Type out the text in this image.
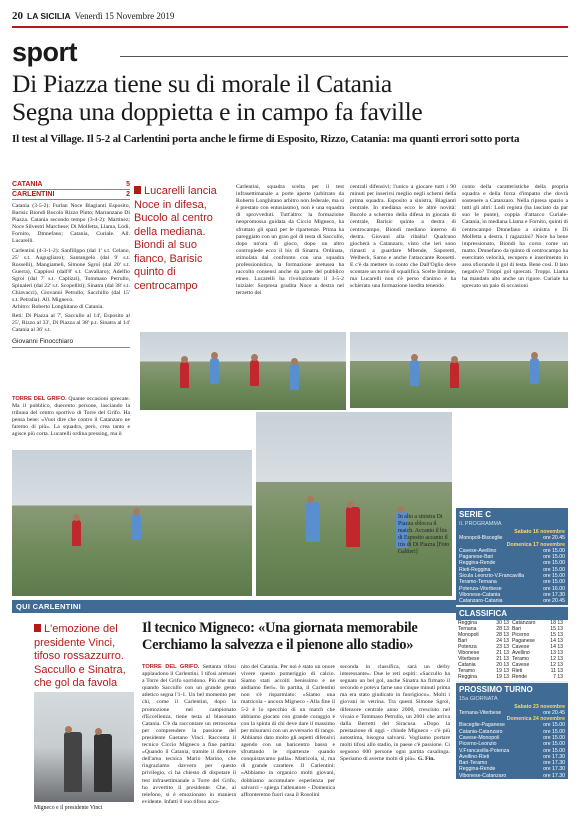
20 LA SICILIA Venerdì 15 Novembre 2019
sport
Di Piazza tiene su di morale il Catania
Segna una doppietta e in campo fa faville
Il test al Village. Il 5-2 al Carlentini porta anche le firme di Esposito, Rizzo, Catania: ma quanti errori sotto porta
CATANIA	5
CARLENTINI	2

Catania (3-5-2): Furlan Noce Biagianti Esposito, Barisic Biondi Bucolo Rizzo Pinto; Marranzano Di Piazza. Catania secondo tempo (3-4-2): Martinez; Noce Silvestri Marchese; Di Molfetta, Llama, Lodi, Fornito, Dmnefano; Catania, Curiale. All. Lucarelli.

Carlentini (4-3-1-2): Sanfilippo (dal 1' s.t. Celano, 25' s.t. Augugliaro); Santangelo (dal 9' s.t. Rosselli), Mangiameli, Simone Sgroi (dal 20' s.t. Guerra), Cappiosi (dall'8' s.t. Cavallaro); Adelfio Sgroi (dal 7' s.t. Caplizzi), Tommaso Petrullo, Spinaleri (dal 22' s.t. Scopelliti); Sinatra (dal 38' s.t. Chiavacci), Giovanni Petrullo, Sacchillo (dal 15' s.t. Petralia). All. Migneco.

Arbitro: Roberto Longhitano di Catania.

Reti: Di Piazza al 7', Saccullo al 14', Esposito al 25', Rizzo al 33', Di Piazza al 38' p.t. Sinatra al 14' Catania al 36' s.t.

Giovanni Finocchiaro
Lucarelli lancia Noce in difesa, Bucolo al centro della mediana. Biondi al suo fianco, Barisic quinto di centrocampo
Carlentini, squadra scelta per il test infrasettimanale a porte aperte (arbitrato da Roberto Longhitano arbitro non federale, ma si è prestato con entusiasmo), non è una squadra di sprovveduti. Tutt'altro: la formazione neopromossa guidata da Ciccio Migneco, ha sfruttato gli spazi per le ripartenze. Prima ha pareggiato con un gran gol di testa di Saccullo, dopo un'ora di gioco, dopo un altro contropiede ecco il bis di Sinatra. Ordinata, stimolata dal confronto con una squadra professionistica, la formazione aretusea ha raccolto consensi anche da parte del pubblico etneo. Lucarelli ha rivoluzionato il 3-5-2 iniziale: Sorpresa gradita Noce a destra nel terzetto dei
centrali difensivi; l'unico a giocare tutti i 90 minuti per inserirsi meglio negli schemi della prima squadra. Esposito a sinistra, Biagianti centrale. In mediana ecco le altre novità: Bucolo a schermo della difesa in giocata di centrale, Barisic quinto a destra di centrocampo, Biondi mediano interno di destra. Giovani alla ribalta! Qualcuno giocherà a Catanzaro, visto che ieri sono rimasti a guardare Mbende, Saporetti, Welbeck, Sarno e anche l'attaccante Rossetti. E c'è da mettere in conto che Dall'Oglio deve scontare un turno di squalifica. Scelte limitate, ma Lucarelli non s'è perso d'animo e ha schierato una formazione inedita tenendo
conto della caratteristiche della propria squadra e della forza d'impatto che dovrà sostenere a Catanzaro. Nella ripresa spazio a tutti gli altri: Lodi regista (ha lasciato da par suo le punte), coppia d'attacco Curiale-Catania, in mediana Llama e Fornito, quinti di centrocampo Dmnefano a sinistra e Di Molfetta a destra. I ragazzini? Noce ha bene impressionato, Biondi ha corso come un matto. Dmnefano da quinto di centrocampo ha esercitato velocità, recupero e inserimento in area sfiorando il gol di testa. Bene così. Il lato negativo? Troppi gol sprecati. Troppi. Llama ha mandato alto anche un rigore. Curiale ha sprecato un paio di occasioni
TORRE DEL GRIFO. Quante occasioni sprecate. Ma il pubblico, duecento persone, lasciando la tribuna del centro sportivo di Torre del Grifo. Ha pensa bene: «Vuoi dire che contro il Catanzaro ne faremo di più». La squadra, però, crea tanto e agisce più corta. Lucarelli ordina pressing, ma il
In alto a sinistra Di Piazza sblocca il match. Accanto il bis di Esposito accanto il tris di Di Piazza [Foto Galtieri]
QUI CARLENTINI
L'emozione del presidente Vinci, tifoso rossazzurro. Saccullo e Sinatra, che gol da favola
Migneco e il presidente Vinci
Il tecnico Migneco: «Una giornata memorabile
Cerchiamo la salvezza e il pienone allo stadio»
TORRE DEL GRIFO. Settanta tifosi applaudono il Carlentini. I tifosi aretusei a Torre del Grifo sorridono. Più che mai quando Saccullo con un grande gesto atletico segna l'1-1. Un bel momento per chi, come il Carlentini, dopo la promozione nel campionato d'Eccellenza, tiene testa al blasonato Catania. C'è da raccontare un retroscena per comprendere la passione del presidente Gaetano Vinci. Racconta il tecnico Ciccio Migneco a fine partita: «Quando il Catania, tramite il direttore dell'area tecnica Mario Marino, che ringraziamo davvero per questo privilegio, ci ha chiesto di disputare il test infrasettimanale a Torre del Grifo, ho avvertito il presidente. Che, al telefono, si è emozionato in maniera evidente. Infatti il suo tifoso acca-
nito del Catania. Per noi è stato un onore vivere questo pomeriggio di calcio. Siamo stati accolti benissimo e ne andiamo fieri». In partita, il Carlentini non s'è risparmiato: «Siamo una matricola - ancora Migneco - Alla fine il 5-2 è lo specchio di un match che abbiamo giocato con grande coraggio e con la spinta di chi deve dare il massimo per misurarsi con un avversario di rango. Abbiamo dato molto gli aspetti difensivi agendo con un baricentro basso e sfruttando le ripartenze quando conquistavamo palla». Matricola, sì, ma di grande carattere. Il Carlentini: «Abbiamo in organico molti giovani, dobbiamo accumulare esperienza per salvarci - spiega l'allenatore - Domenica affronteremo fuori casa il Rosolini
seconda in classifica, sarà un derby interessante». Due le reti ospiti: «Saccullo ha segnato un bel gol, anche Sinatra ha firmato il secondo e poteva farne uno cinque minuti prima ma era stato giudicato in fuorigioco». Molti i giovani in vetrina. Tra questi Simone Sgroi, difensore centrale anno 2000, cresciuto nel vivaio e Tommaso Petrullo, un 2001 che arriva dalla Berretti del Siracusa. «Dopo la prestazione di oggi - chiude Migneco - c'è più autostima, bisogna salvarsi. Vogliamo portare molti tifosi allo stadio, in paese c'è passione. Ci seguono 600 persone ogni partita casalinga. Speriamo di averne molti di più». G. Fin.
SERIE C
IL PROGRAMMA
Sabato 16 novembre
Monopoli-Bisceglie	ore 20.45
Domenica 17 novembre
Cavese-Avellino	ore 15.00
Paganese-Bari	ore 15.00
Reggina-Rende	ore 15.00
Rieti-Reggina	ore 15.00
Sicula Leonzio-V.Francavilla	ore 15.00
Teramo-Ternana	ore 15.00
Potenza-Viterbese	ore 16.00
Vibonese-Catania	ore 17.30
Catanzaro-Catania	ore 20.45
CLASSIFICA
Reggina	30 13 Catanzaro	18 13
Ternana	28 13 Bari	15 13
Monopoli	28 13 Picerno	15 13
Bari	24 13 Paganese	14 13
Potenza	23 13 Cavese	14 13
Vibonese	21 13 Avellino	13 13
Viterbese	21 13 Teramo	12 13
Catania	20 13 Cavese	12 13
Teramo	19 13 Rieti	11 13
Reggina	19 13 Rende	7 13
PROSSIMO TURNO
15a GIORNATA
Sabato 23 novembre
Ternana-Viterbese	ore 20.45
Domenica 24 novembre
Bisceglie-Paganese	ore 15.00
Catania-Catanzaro	ore 15.00
Cavese-Monopoli	ore 15.00
Picerno-Leonzio	ore 15.00
V.Francavilla-Potenza	ore 15.00
Avellino-Rieti	ore 17.30
Bari-Teramo	ore 17.30
Reggina-Rende	ore 17.30
Vibonese-Catanzaro	ore 17.30
